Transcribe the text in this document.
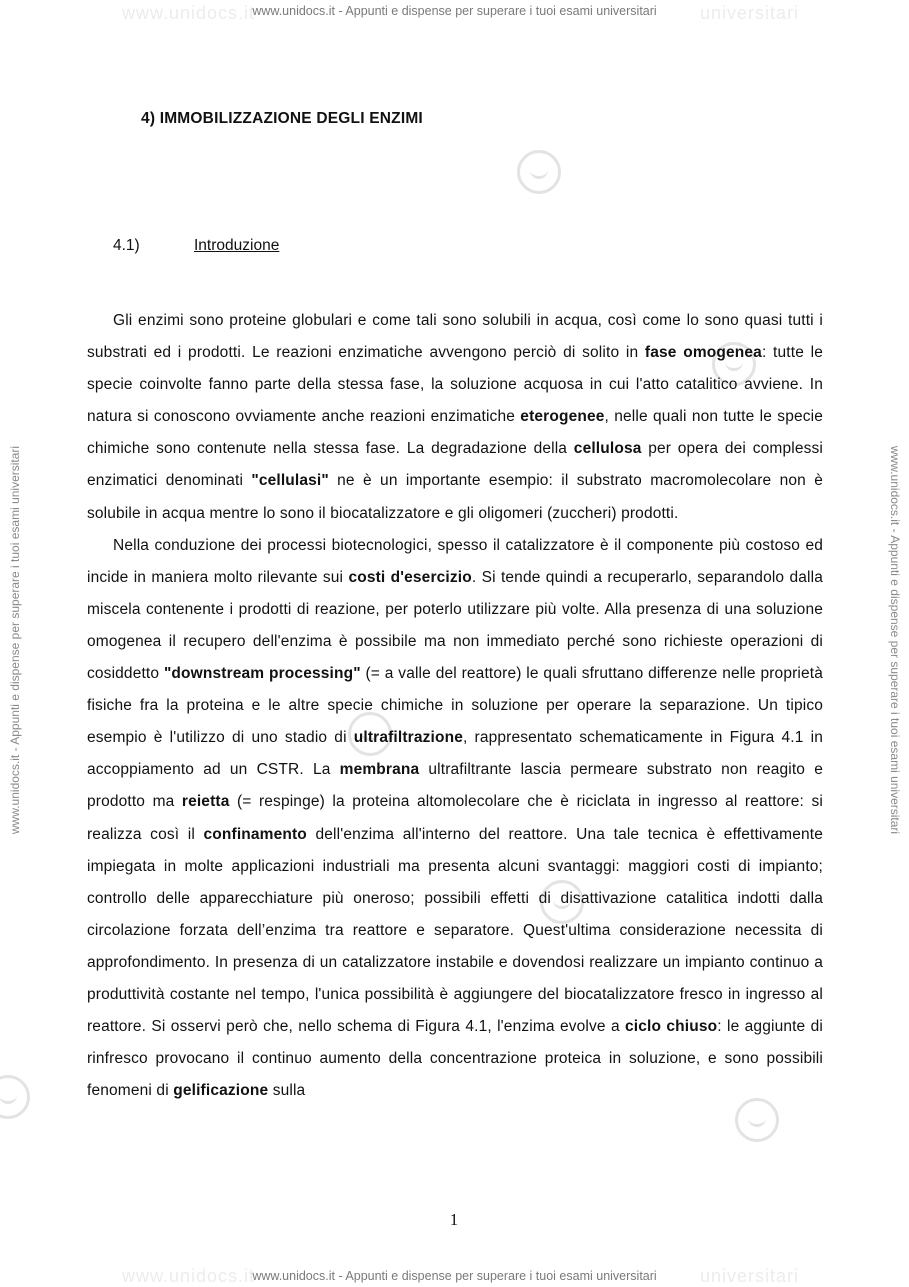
www.unidocs.it	universitari
www.unidocs.it - Appunti e dispense per superare i tuoi esami universitari
www.unidocs.it	universitari
www.unidocs.it - Appunti e dispense per superare i tuoi esami universitari
www.unidocs.it - Appunti e dispense per superare i tuoi esami universitari	www.unidocs.it - Appunti e dispense per superare i tuoi esami universitari
4) IMMOBILIZZAZIONE DEGLI ENZIMI
4.1)	Introduzione

Gli enzimi sono proteine globulari e come tali sono solubili in acqua, così come lo sono quasi tutti i substrati ed i prodotti. Le reazioni enzimatiche avvengono perciò di solito in fase omogenea: tutte le specie coinvolte fanno parte della stessa fase, la soluzione acquosa in cui l'atto catalitico avviene. In natura si conoscono ovviamente anche reazioni enzimatiche eterogenee, nelle quali non tutte le specie chimiche sono contenute nella stessa fase. La degradazione della cellulosa per opera dei complessi enzimatici denominati "cellulasi" ne è un importante esempio: il substrato macromolecolare non è solubile in acqua mentre lo sono il biocatalizzatore e gli oligomeri (zuccheri) prodotti.

Nella conduzione dei processi biotecnologici, spesso il catalizzatore è il componente più costoso ed incide in maniera molto rilevante sui costi d'esercizio. Si tende quindi a recuperarlo, separandolo dalla miscela contenente i prodotti di reazione, per poterlo utilizzare più volte. Alla presenza di una soluzione omogenea il recupero dell'enzima è possibile ma non immediato perché sono richieste operazioni di cosiddetto "downstream processing" (= a valle del reattore) le quali sfruttano differenze nelle proprietà fisiche fra la proteina e le altre specie chimiche in soluzione per operare la separazione. Un tipico esempio è l'utilizzo di uno stadio di ultrafiltrazione, rappresentato schematicamente in Figura 4.1 in accoppiamento ad un CSTR. La membrana ultrafiltrante lascia permeare substrato non reagito e prodotto ma reietta (= respinge) la proteina altomolecolare che è riciclata in ingresso al reattore: si realizza così il confinamento dell'enzima all'interno del reattore. Una tale tecnica è effettivamente impiegata in molte applicazioni industriali ma presenta alcuni svantaggi: maggiori costi di impianto; controllo delle apparecchiature più oneroso; possibili effetti di disattivazione catalitica indotti dalla circolazione forzata dell’enzima tra reattore e separatore. Quest'ultima considerazione necessita di approfondimento. In presenza di un catalizzatore instabile e dovendosi realizzare un impianto continuo a produttività costante nel tempo, l'unica possibilità è aggiungere del biocatalizzatore fresco in ingresso al reattore. Si osservi però che, nello schema di Figura 4.1, l'enzima evolve a ciclo chiuso: le aggiunte di rinfresco provocano il continuo aumento della concentrazione proteica in soluzione, e sono possibili fenomeni di gelificazione sulla

1
